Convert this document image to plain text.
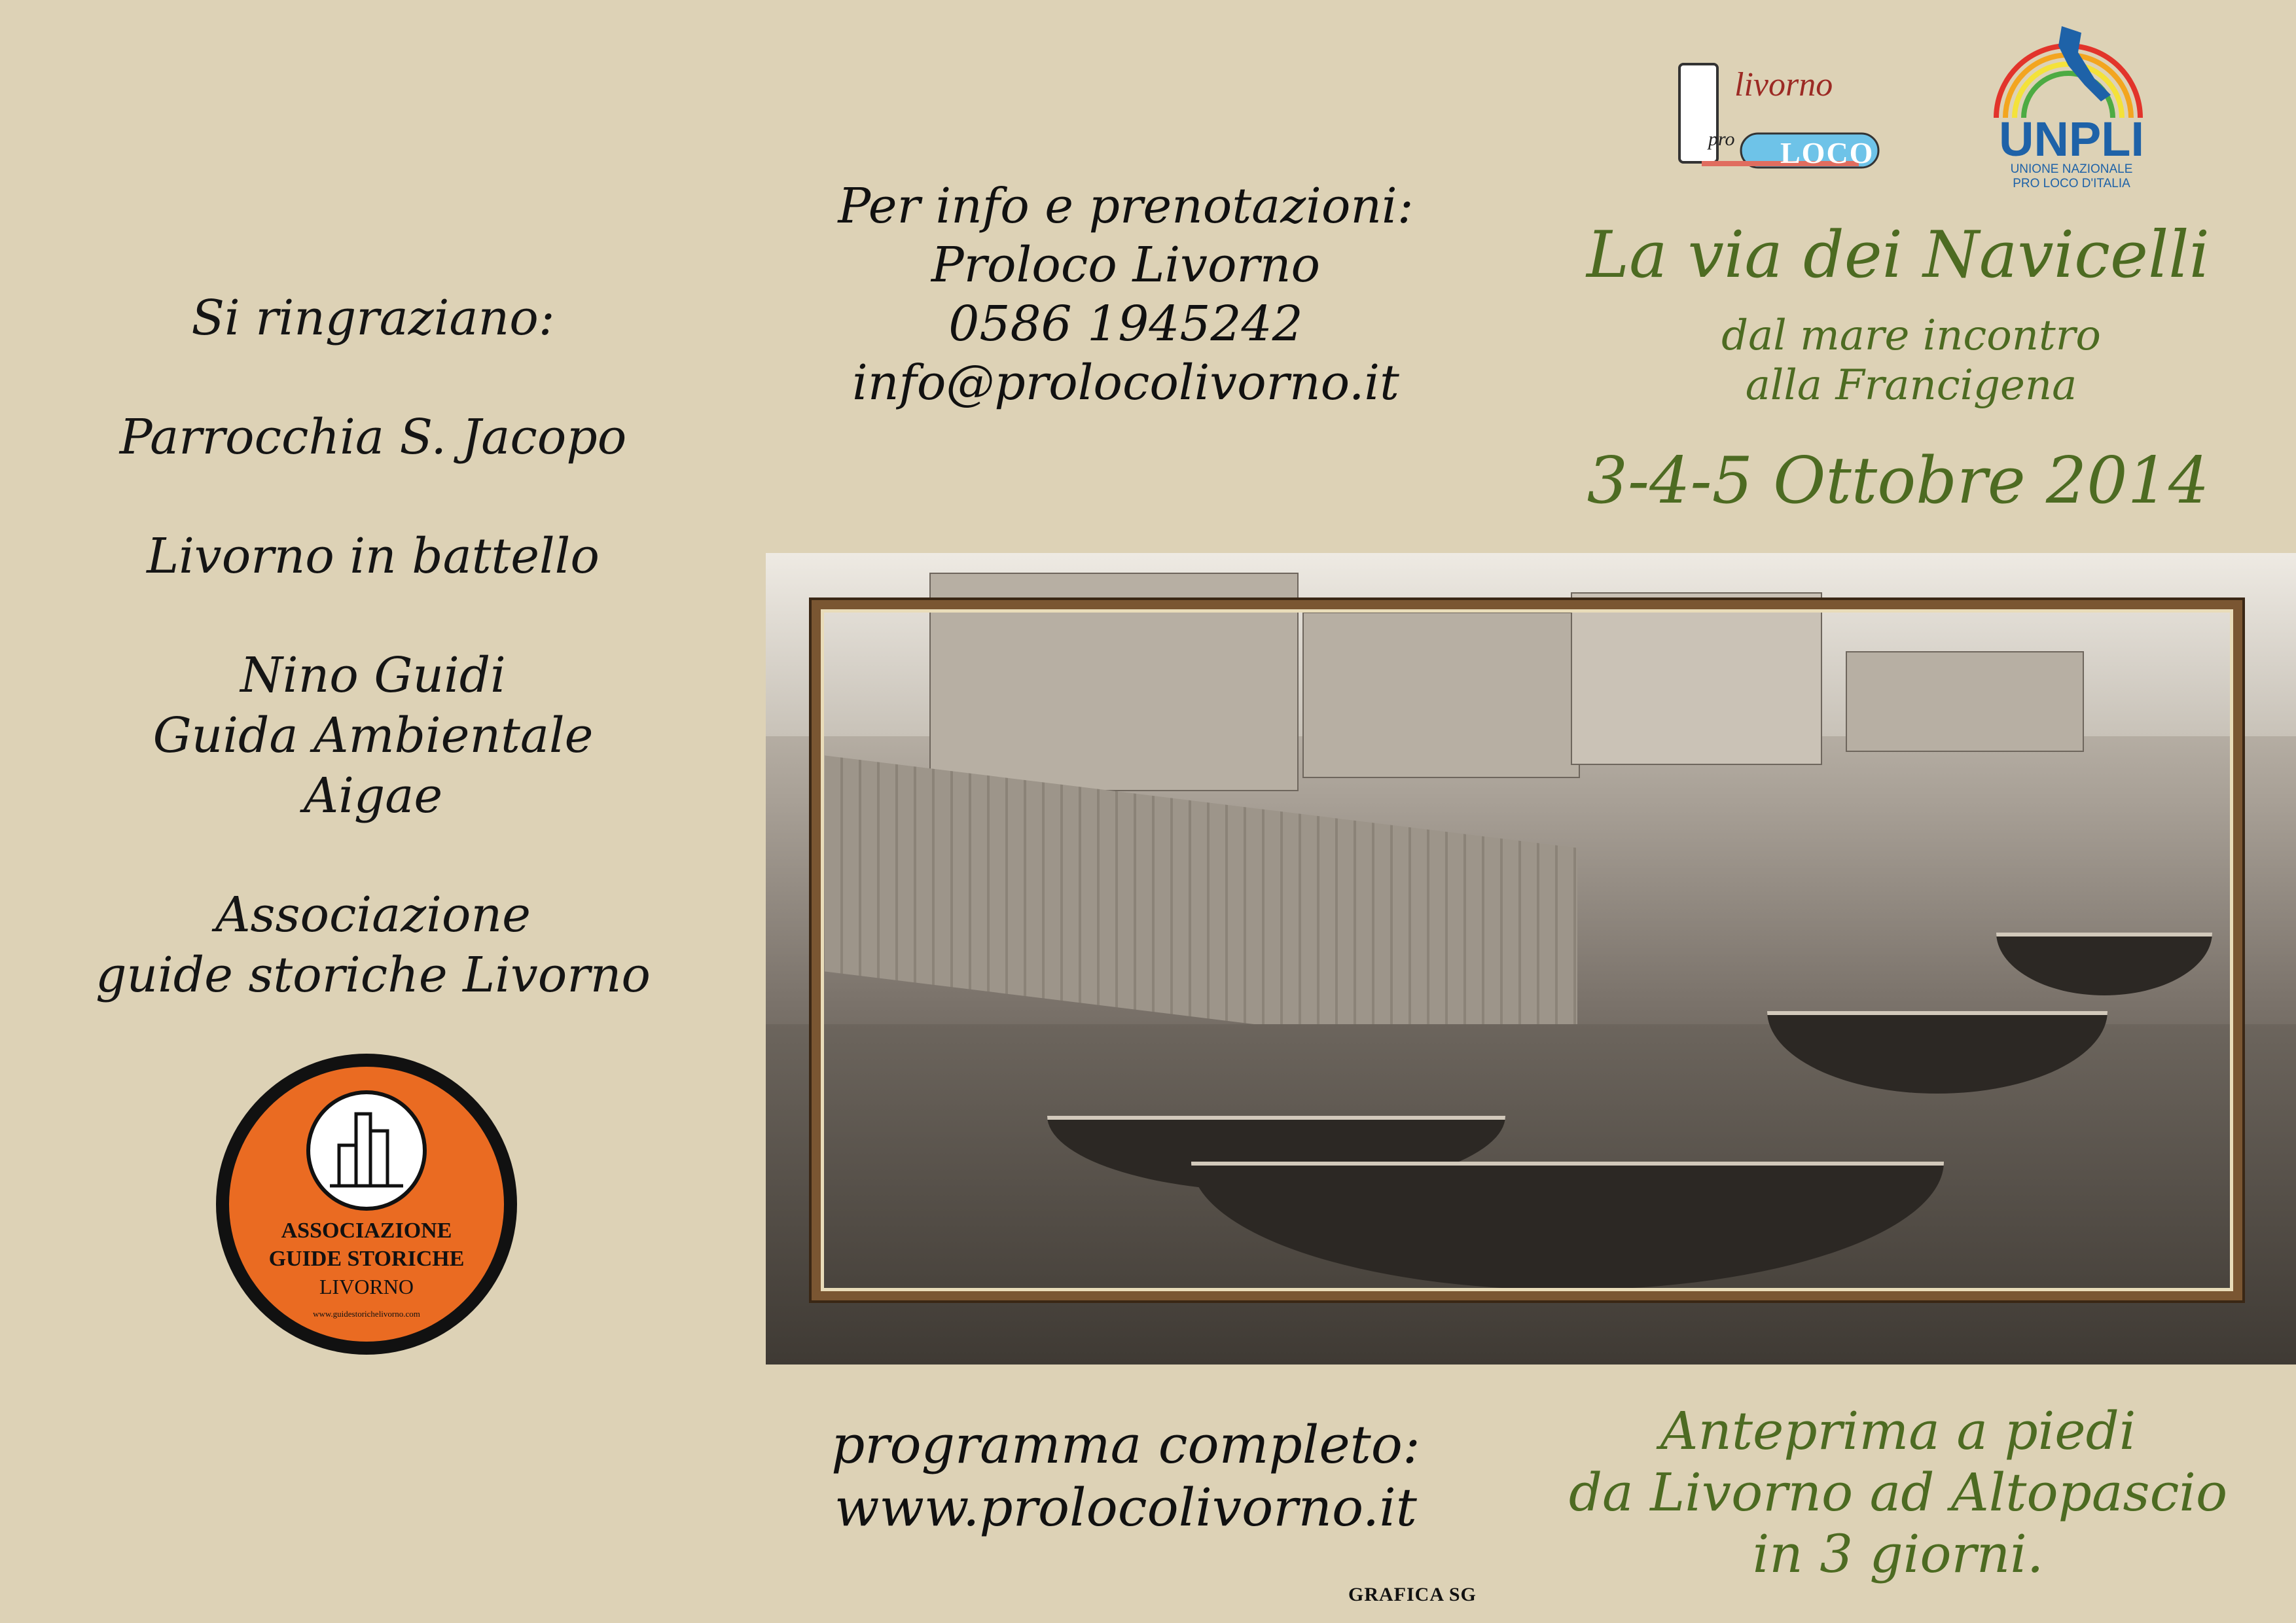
Si ringraziano:
Parrocchia S. Jacopo
Livorno in battello
Nino Guidi
Guida Ambientale
Aigae
Associazione
guide storiche Livorno
ASSOCIAZIONE
GUIDE STORICHE
LIVORNO
www.guidestorichelivorno.com
Per info e prenotazioni:
Proloco Livorno
0586 1945242
info@prolocolivorno.it
programma completo:
www.prolocolivorno.it
GRAFICA SG
livorno
pro LOCO	UNPLI
UNIONE NAZIONALE
PRO LOCO D'ITALIA
La via dei Navicelli
dal mare incontro
alla Francigena
3-4-5 Ottobre 2014
Anteprima a piedi
da Livorno ad Altopascio
in 3 giorni.
